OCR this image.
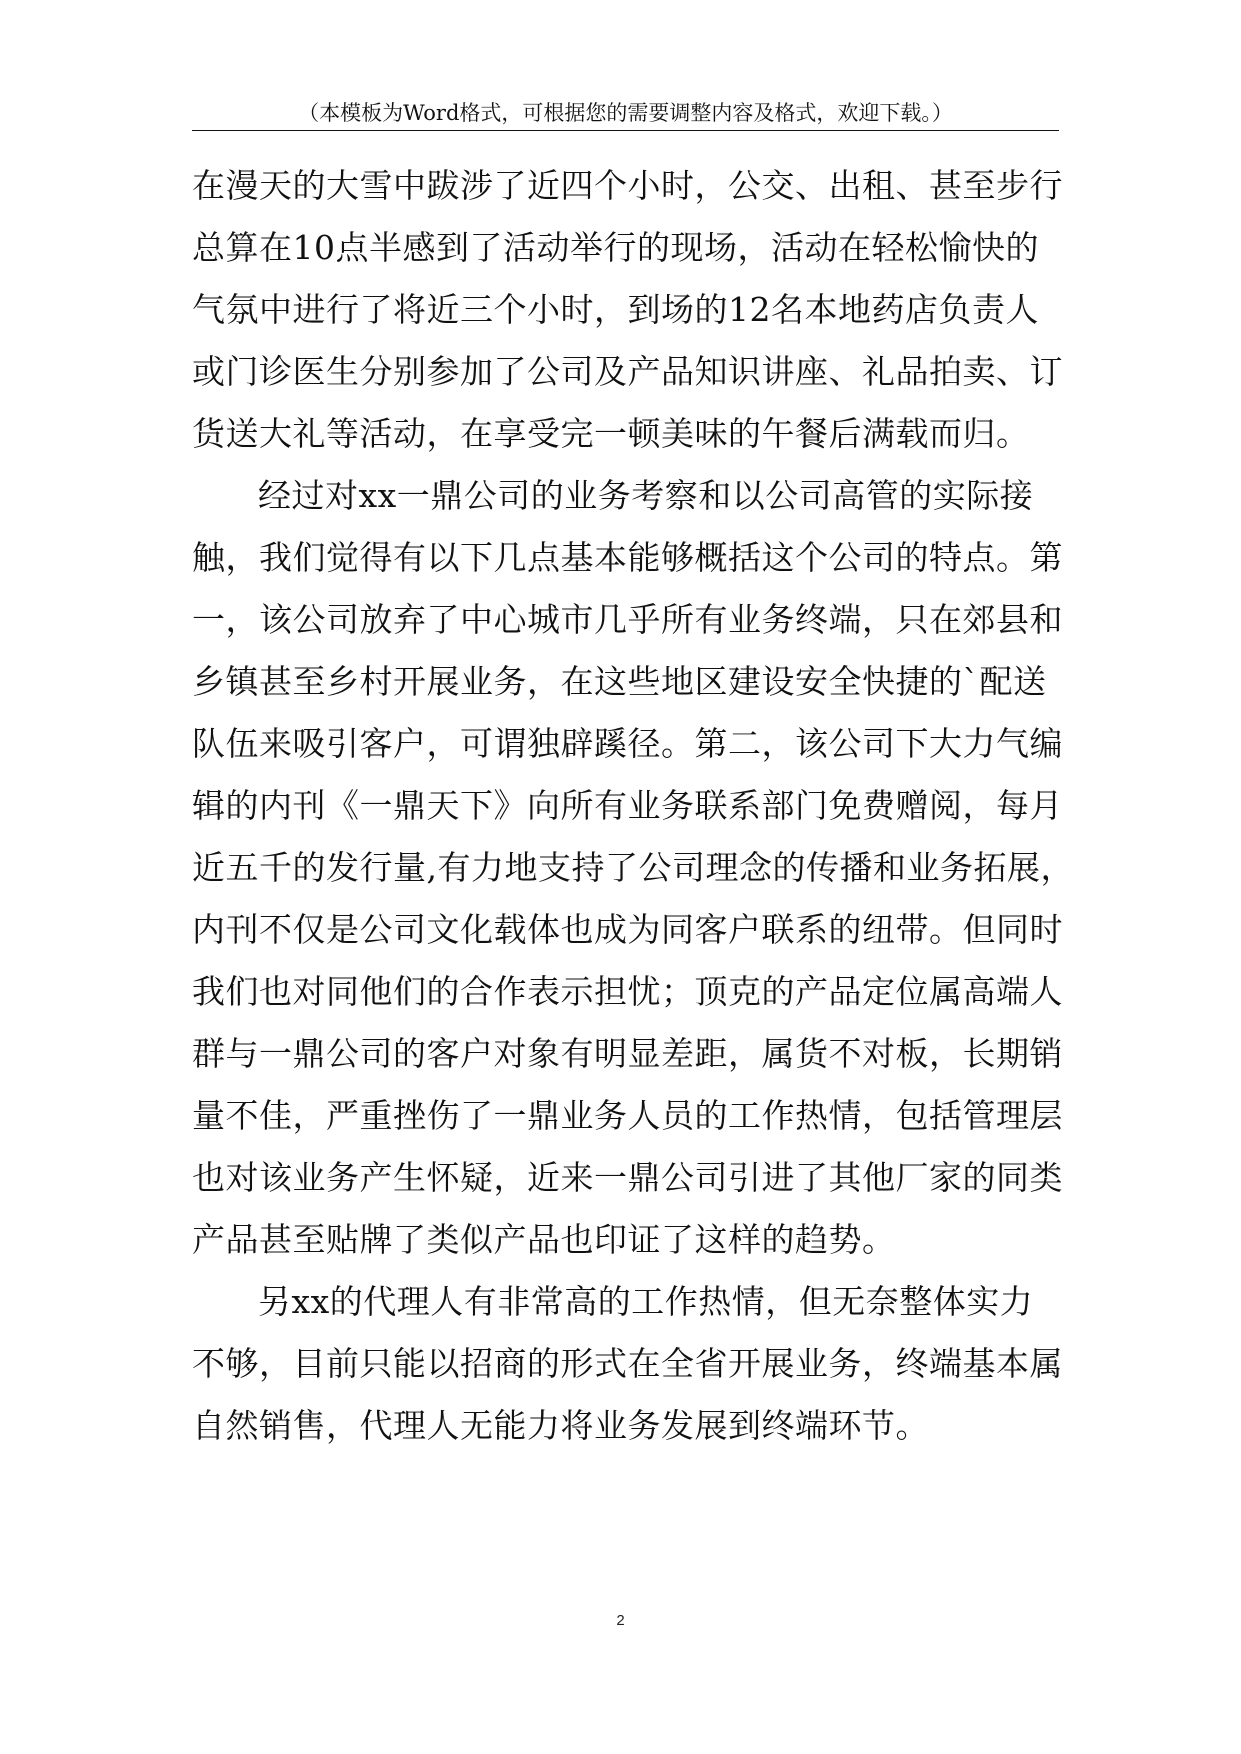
（本模板为Word格式，可根据您的需要调整内容及格式，欢迎下载。）
在漫天的大雪中跋涉了近四个小时，公交、出租、甚至步行
总算在10点半感到了活动举行的现场，活动在轻松愉快的
气氛中进行了将近三个小时，到场的12名本地药店负责人
或门诊医生分别参加了公司及产品知识讲座、礼品拍卖、订
货送大礼等活动，在享受完一顿美味的午餐后满载而归。
经过对xx一鼎公司的业务考察和以公司高管的实际接
触，我们觉得有以下几点基本能够概括这个公司的特点。第
一，该公司放弃了中心城市几乎所有业务终端，只在郊县和
乡镇甚至乡村开展业务，在这些地区建设安全快捷的`配送
队伍来吸引客户，可谓独辟蹊径。第二，该公司下大力气编
辑的内刊《一鼎天下》向所有业务联系部门免费赠阅，每月
近五千的发行量,有力地支持了公司理念的传播和业务拓展，
内刊不仅是公司文化载体也成为同客户联系的纽带。但同时
我们也对同他们的合作表示担忧；顶克的产品定位属高端人
群与一鼎公司的客户对象有明显差距，属货不对板，长期销
量不佳，严重挫伤了一鼎业务人员的工作热情，包括管理层
也对该业务产生怀疑，近来一鼎公司引进了其他厂家的同类
产品甚至贴牌了类似产品也印证了这样的趋势。
另xx的代理人有非常高的工作热情，但无奈整体实力
不够，目前只能以招商的形式在全省开展业务，终端基本属
自然销售，代理人无能力将业务发展到终端环节。
2
